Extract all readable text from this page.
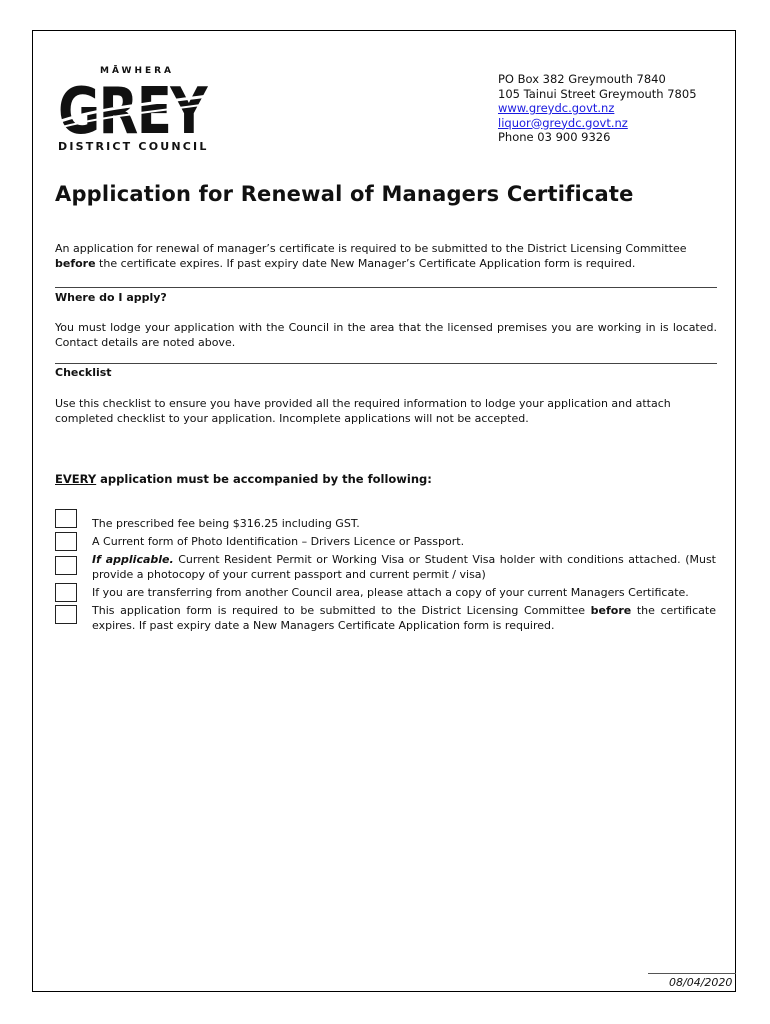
MĀWHERA
GREY
DISTRICT COUNCIL
PO Box 382 Greymouth 7840
105 Tainui Street Greymouth 7805
www.greydc.govt.nz
liquor@greydc.govt.nz
Phone 03 900 9326
Application for Renewal of Managers Certificate

An application for renewal of manager’s certificate is required to be submitted to the District Licensing Committee
before the certificate expires. If past expiry date New Manager’s Certificate Application form is required.

Where do I apply?

You must lodge your application with the Council in the area that the licensed premises you are working in is located. Contact details are noted above.

Checklist

Use this checklist to ensure you have provided all the required information to lodge your application and attach completed checklist to your application. Incomplete applications will not be accepted.

EVERY application must be accompanied by the following:
The prescribed fee being $316.25 including GST.
A Current form of Photo Identification – Drivers Licence or Passport.
If applicable. Current Resident Permit or Working Visa or Student Visa holder with conditions attached. (Must provide a photocopy of your current passport and current permit / visa)
If you are transferring from another Council area, please attach a copy of your current Managers Certificate.
This application form is required to be submitted to the District Licensing Committee before the certificate expires. If past expiry date a New Managers Certificate Application form is required.
08/04/2020
